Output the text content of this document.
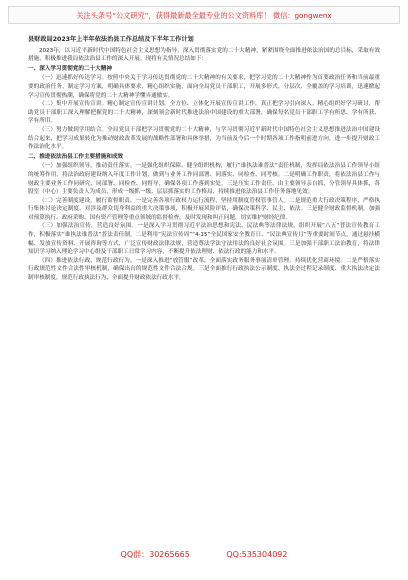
关注头条号“公文研究”，获得最新最全最专业的公文资料库！ 微信：gongwenx
县财政局2023年上半年依法治县工作总结及下半年工作计划

2023年，以习近平新时代中国特色社会主义思想为指导，深入贯彻落实党的二十大精神，紧紧围绕全面推进依法治国的总目标，采取有效措施，积极推进我局依法治县工作的深入开展。现将有关情况总结如下：

一、深入学习贯彻党的二十大精神

（一）迅速抓好传达学习。按照中央关于学习传达贯彻党的二十大精神的有关要求，把学习党的二十大精神作为首要政治任务和当前最重要的政治任务，制定学习方案，明确具体要求，精心组织实施，面向全局党员干部职工，开展多形式、分层次、全覆盖的学习培训，迅速掀起学习宣传贯彻热潮，确保将党的二十大精神学懂弄通做实。

（二）集中开展宣传宣讲。精心制定宣传宣讲计划，全方位、立体化开展宣传宣讲工作，真正把学习引向深入。精心组织好学习研讨，帮助党员干部职工深入理解把握党的二十大精神，深刻领会新时代推进法治中国建设的重大部署，确保每名党员干部职工学有所思、学有所获、学有所用。

（三）努力做到学用结合。全局党员干部把学习贯彻党的二十大精神，与学习贯彻习近平新时代中国特色社会主义思想推进法治中国建设结合起来，把学习成果转化为推动财政改革发展的战略性部署和具体举措，为当前及今后一个时期各项工作指明前进方向，进一步提升财政工作法治化水平。

二、推进依法治县工作主要措施和成效

（一）加强组织领导，推动责任落实。一是强化组织保障。健全组织机构，履行“谁执法谁普法”责任机制，发挥局依法治县工作领导小组的统筹作用，将法治政府建设纳入年度工作计划，做到与业务工作同部署、同落实、同检查、同考核。二是明确工作职责，将依法治县工作与财政主要业务工作同研究、同部署、同检查、同督导，确保各项工作落到实处。三是压实工作责任，由主要领导亲自抓，分管领导具体抓，各股室（中心）主要负责人为成员，形成一级抓一级、层层抓落实的工作格局，持续推进依法治县工作任务落地见效。

（二）完善制度建设，履行监督职责。一是完善各项行政权力运行流程，坚持用制度管权管事管人。二是规范重大行政决策程序，严格执行集体讨论决定制度，对涉及群众切身利益的重大决策事项，积极开展风险评估，确保决策科学、民主、依法。三是健全财政监督机制，加强对预算执行、政府采购、国有资产管理等重点领域的监督检查，及时发现和纠正问题，切实维护财经纪律。

（三）加强法治宣传，营造良好氛围。一是深入学习贯彻习近平法治思想和宪法、民法典等法律法规，组织开展“八五”普法宣传教育工作，积极落实“谁执法谁普法”普法责任制。二是利用“宪法宣传周”“4·15”全民国家安全教育日、“民法典宣传月”等重要时间节点，通过悬挂横幅、发放宣传资料、开展咨询等方式，广泛宣传财政法律法规，营造尊法学法守法用法的良好社会氛围。三是加强干部职工法治教育，将法律知识学习纳入理论学习中心组及干部职工日常学习内容，不断提升依法理财、依法行政的能力和水平。

（四）推进依法行政，规范行政行为。一是深入推进“放管服”改革，全面落实政务服务事项清单管理，持续优化营商环境。二是严格落实行政规范性文件合法性审核机制，确保出台的规范性文件合法合规。三是全面推行行政执法公示制度、执法全过程记录制度、重大执法决定法制审核制度，规范行政执法行为，全面提升财政依法行政水平。

QQ群：30265665	QQ:535304092
